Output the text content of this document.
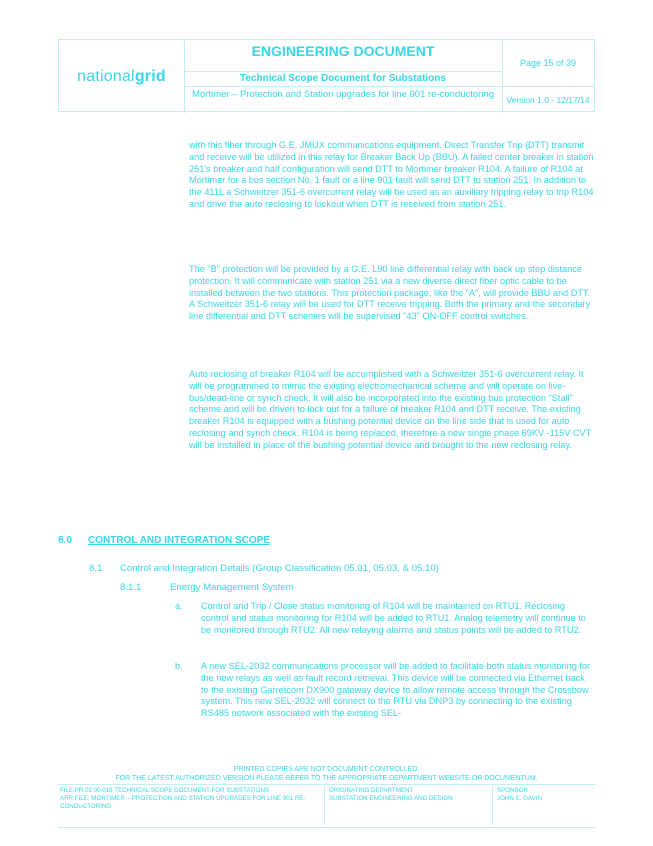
national grid
ENGINEERING DOCUMENT
Technical Scope Document for Substations
Mortimer – Protection and Station upgrades for line 901 re-conductoring
Page 15 of 39
Version 1.0 - 12/17/14

with this fiber through G.E. JMUX communications equipment. Direct Transfer Trip (DTT) transmit and receive will be utilized in this relay for Breaker Back Up (BBU). A failed center breaker in station 251's breaker and half configuration will send DTT to Mortimer breaker R104. A failure of R104 at Mortimer for a bus section No. 1 fault or a line 901 fault will send DTT to station 251. In addition to the 411L a Schweitzer 351-6 overcurrent relay will be used as an auxiliary tripping relay to trip R104 and drive the auto reclosing to lockout when DTT is received from station 251.

The "B" protection will be provided by a G.E. L90 line differential relay with back up step distance protection. It will communicate with station 251 via a new diverse direct fiber optic cable to be installed between the two stations. This protection package, like the "A", will provide BBU and DTT. A Schweitzer 351-6 relay will be used for DTT receive tripping. Both the primary and the secondary line differential and DTT schemes will be supervised "43" ON-OFF control switches.

Auto reclosing of breaker R104 will be accomplished with a Schweitzer 351-6 overcurrent relay. It will be programmed to mimic the existing electromechanical scheme and will operate on live-bus/dead-line or synch check. It will also be incorporated into the existing bus protection "Stall" scheme and will be driven to lock out for a failure of breaker R104 and DTT receive. The existing breaker R104 is equipped with a bushing potential device on the line side that is used for auto reclosing and synch check. R104 is being replaced, therefore a new single phase 69KV -115V CVT will be installed in place of the bushing potential device and brought to the new reclosing relay.

8.0 CONTROL AND INTEGRATION SCOPE
8.1 Control and Integration Details (Group Classification 05.01, 05.03, & 05.10)
8.1.1	Energy Management System
a. Control and Trip / Close status monitoring of R104 will be maintained on RTU1. Reclosing control and status monitoring for R104 will be added to RTU1. Analog telemetry will continue to be monitored through RTU2. All new relaying alarms and status points will be added to RTU2.
b. A new SEL-2032 communications processor will be added to facilitate both status monitoring for the new relays as well as fault record retrieval. This device will be connected via Ethernet back to the existing Garretcom DX900 gateway device to allow remote access through the Crossbow system. This new SEL-2032 will connect to the RTU via DNP3 by connecting to the existing RS485 network associated with the existing SEL-
PRINTED COPIES ARE NOT DOCUMENT CONTROLLED.
FOR THE LATEST AUTHORIZED VERSION PLEASE REFER TO THE APPROPRIATE DEPARTMENT WEBSITE OR DOCUMENTUM.
FILE:PR.02.00.018 TECHNICAL SCOPE DOCUMENT FOR SUBSTATIONS
ARR FILE: MORTIMER – PROTECTION AND STATION UPGRADES FOR LINE 901 RE-CONDUCTORING
ORIGINATING DEPARTMENT
SUBSTATION ENGINEERING AND DESIGN
SPONSOR
JOHN E. GAVIN
